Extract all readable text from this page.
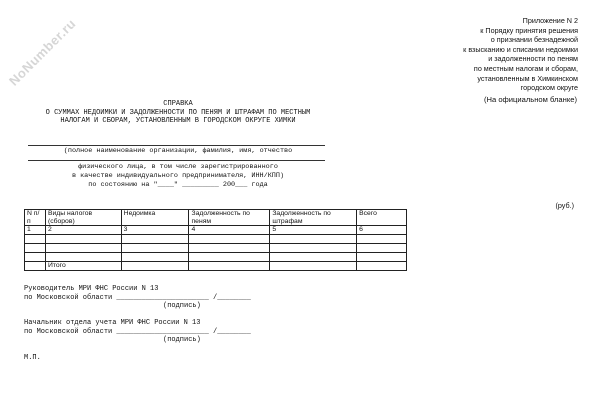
NoNumber.ru	Приложение N 2
к Порядку принятия решения
о признании безнадежной
к взысканию и списании недоимки
и задолженности по пеням
по местным налогам и сборам,
установленным в Химкинском
городском округе
(На официальном бланке)
СПРАВКА
О СУММАХ НЕДОИМКИ И ЗАДОЛЖЕННОСТИ ПО ПЕНЯМ И ШТРАФАМ ПО МЕСТНЫМ
НАЛОГАМ И СБОРАМ, УСТАНОВЛЕННЫМ В ГОРОДСКОМ ОКРУГЕ ХИМКИ
(полное наименование организации, фамилия, имя, отчество
физического лица, в том числе зарегистрированного
в качестве индивидуального предпринимателя, ИНН/КПП)
по состоянию на "____" _________ 200___ года
(руб.)
N п/п	Виды налогов (сборов)	Недоимка	Задолженность по пеням	Задолженность по штрафам	Всего
1	2	3	4	5	6

	Итого				
Руководитель МРИ ФНС России N 13
по Московской области ______________________ /________
(подпись)
Начальник отдела учета МРИ ФНС России N 13
по Московской области ______________________ /________
(подпись)
М.П.
